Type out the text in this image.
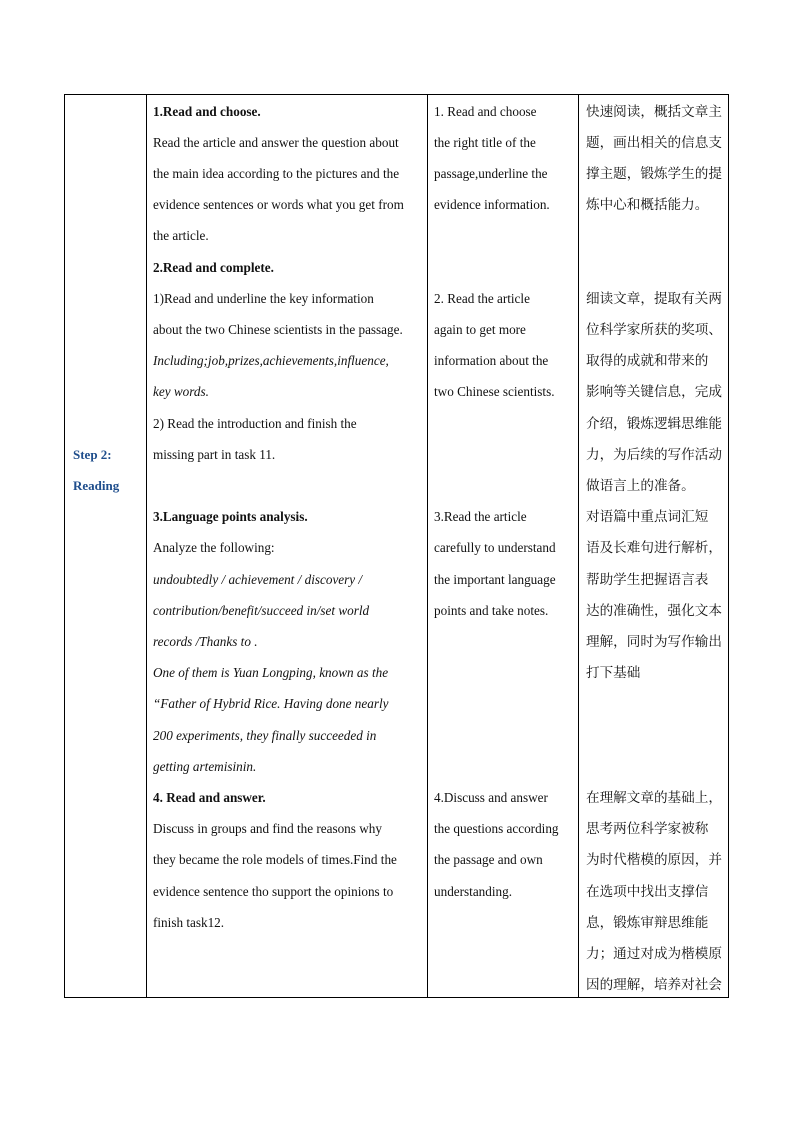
Step 2:
Reading
1.Read and choose.
Read the article and answer the question about
the main idea according to the pictures and the
evidence sentences or words what you get from
the article.
2.Read and complete.
1)Read and underline the key information
about the two Chinese scientists in the passage.
Including;job,prizes,achievements,influence,
key words.
2) Read the introduction and finish the
missing part in task 11.
3.Language points analysis.
Analyze the following:
undoubtedly / achievement / discovery /
contribution/benefit/succeed in/set world
records /Thanks to .
One of them is Yuan Longping, known as the
“Father of Hybrid Rice. Having done nearly
200 experiments, they finally succeeded in
getting artemisinin.
4. Read and answer.
Discuss in groups and find the reasons why
they became the role models of times.Find the
evidence sentence tho support the opinions to
finish task12.
1. Read and choose
the right title of the
passage,underline the
evidence information.
2. Read the article
again to get more
information about the
two Chinese scientists.
3.Read the article
carefully to understand
the important language
points and take notes.
4.Discuss and answer
the questions according
the passage and own
understanding.
快速阅读，概括文章主
题，画出相关的信息支
撑主题，锻炼学生的提
炼中心和概括能力。
细读文章，提取有关两
位科学家所获的奖项、
取得的成就和带来的
影响等关键信息，完成
介绍，锻炼逻辑思维能
力，为后续的写作活动
做语言上的准备。
对语篇中重点词汇短
语及长难句进行解析，
帮助学生把握语言表
达的准确性，强化文本
理解，同时为写作输出
打下基础
在理解文章的基础上，
思考两位科学家被称
为时代楷模的原因，并
在选项中找出支撑信
息，锻炼审辩思维能
力；通过对成为楷模原
因的理解，培养对社会
